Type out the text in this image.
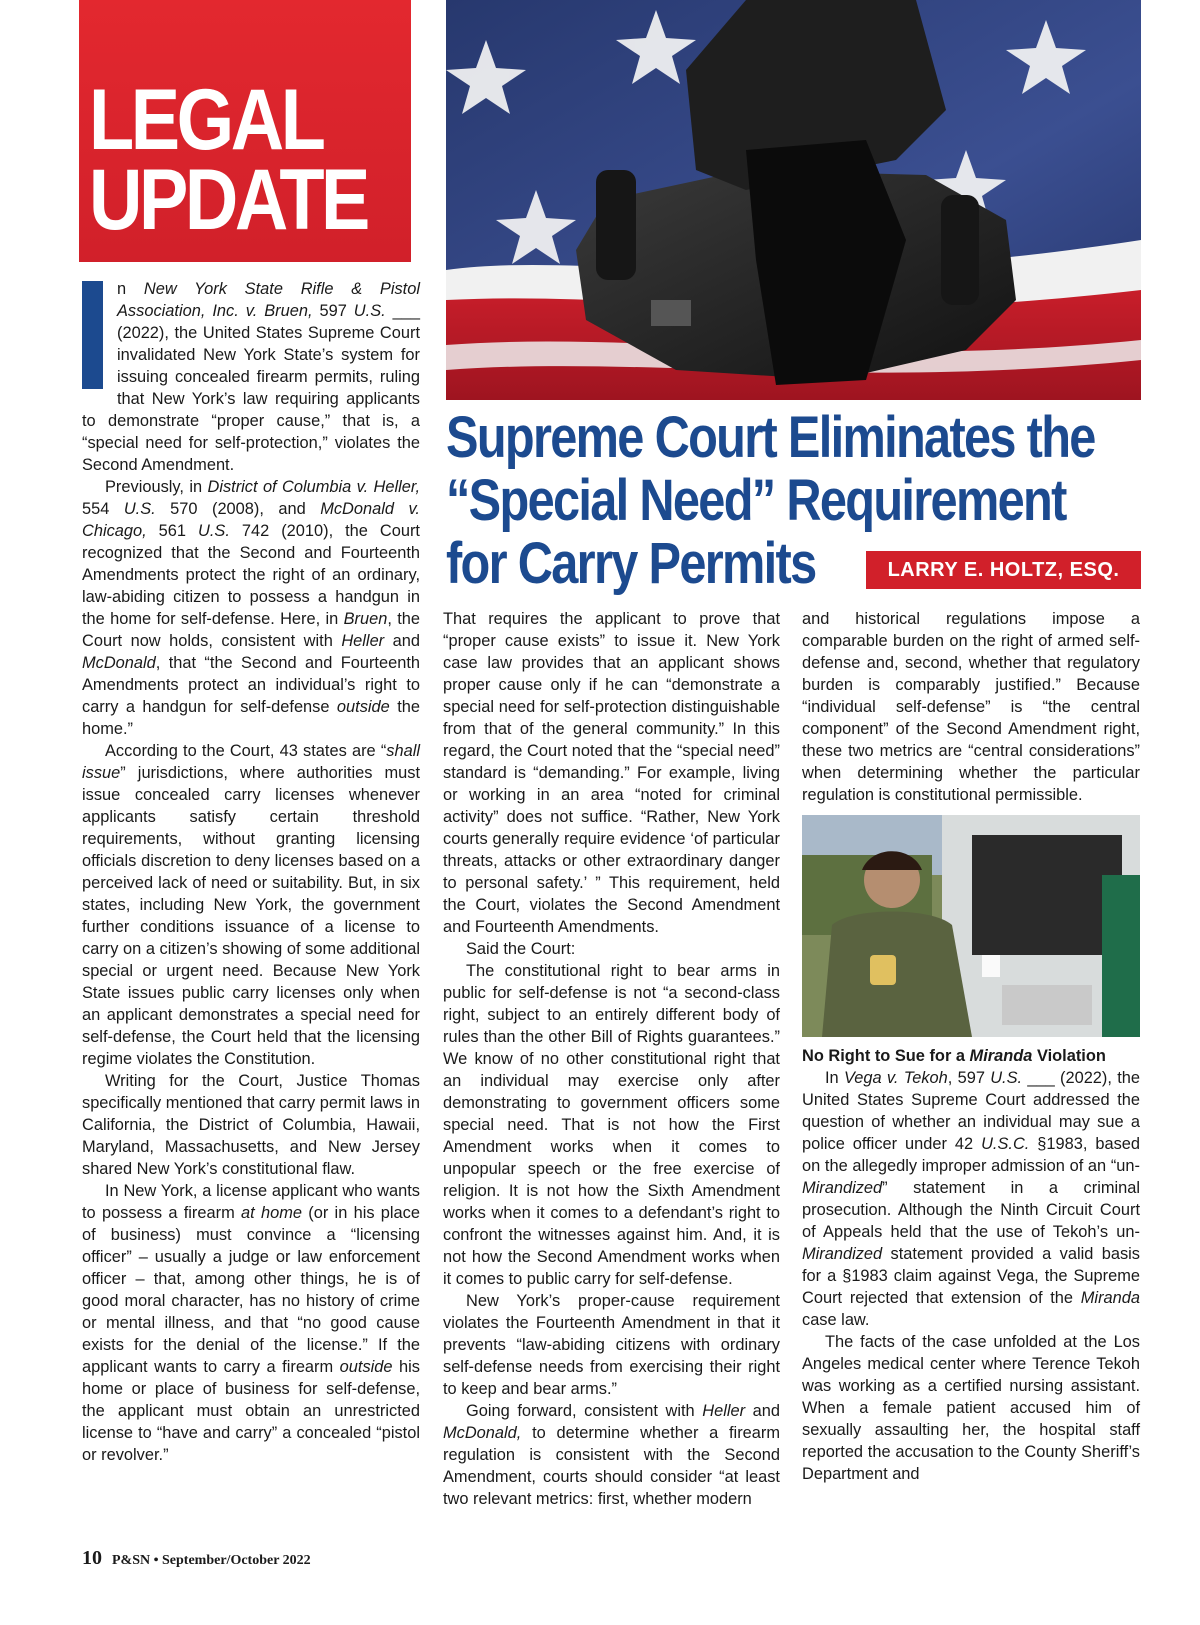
LEGAL
UPDATE
Supreme Court Eliminates the
“Special Need” Requirement
for Carry Permits	LARRY E. HOLTZ, ESQ.

n New York State Rifle & Pistol Association, Inc. v. Bruen, 597 U.S. ___ (2022), the United States Supreme Court invalidated New York State’s system for issuing concealed firearm permits, ruling that New York’s law requiring applicants to demonstrate “proper cause,” that is, a “special need for self-protection,” violates the Second Amendment.

Previously, in District of Columbia v. Heller, 554 U.S. 570 (2008), and McDonald v. Chicago, 561 U.S. 742 (2010), the Court recognized that the Second and Fourteenth Amendments protect the right of an ordinary, law-abiding citizen to possess a handgun in the home for self-defense. Here, in Bruen, the Court now holds, consistent with Heller and McDonald, that “the Second and Fourteenth Amendments protect an individual’s right to carry a handgun for self-defense outside the home.”

According to the Court, 43 states are “shall issue” jurisdictions, where authorities must issue concealed carry licenses whenever applicants satisfy certain threshold requirements, without granting licensing officials discretion to deny licenses based on a perceived lack of need or suitability. But, in six states, including New York, the government further conditions issuance of a license to carry on a citizen’s showing of some additional special or urgent need. Because New York State issues public carry licenses only when an applicant demonstrates a special need for self-defense, the Court held that the licensing regime violates the Constitution.

Writing for the Court, Justice Thomas specifically mentioned that carry permit laws in California, the District of Columbia, Hawaii, Maryland, Massachusetts, and New Jersey shared New York’s constitutional flaw.

In New York, a license applicant who wants to possess a firearm at home (or in his place of business) must convince a “licensing officer” – usually a judge or law enforcement officer – that, among other things, he is of good moral character, has no history of crime or mental illness, and that “no good cause exists for the denial of the license.” If the applicant wants to carry a firearm outside his home or place of business for self-defense, the applicant must obtain an unrestricted license to “have and carry” a concealed “pistol or revolver.”

That requires the applicant to prove that “proper cause exists” to issue it. New York case law provides that an applicant shows proper cause only if he can “demonstrate a special need for self-protection distinguishable from that of the general community.” In this regard, the Court noted that the “special need” standard is “demanding.” For example, living or working in an area “noted for criminal activity” does not suffice. “Rather, New York courts generally require evidence ‘of particular threats, attacks or other extraordinary danger to personal safety.’ ” This requirement, held the Court, violates the Second Amendment and Fourteenth Amendments.

Said the Court:

The constitutional right to bear arms in public for self-defense is not “a second-class right, subject to an entirely different body of rules than the other Bill of Rights guarantees.” We know of no other constitutional right that an individual may exercise only after demonstrating to government officers some special need. That is not how the First Amendment works when it comes to unpopular speech or the free exercise of religion. It is not how the Sixth Amendment works when it comes to a defendant’s right to confront the witnesses against him. And, it is not how the Second Amendment works when it comes to public carry for self-defense.

New York’s proper-cause requirement violates the Fourteenth Amendment in that it prevents “law-abiding citizens with ordinary self-defense needs from exercising their right to keep and bear arms.”

Going forward, consistent with Heller and McDonald, to determine whether a firearm regulation is consistent with the Second Amendment, courts should consider “at least two relevant metrics: first, whether modern

and historical regulations impose a comparable burden on the right of armed self-defense and, second, whether that regulatory burden is comparably justified.” Because “individual self-defense” is “the central component” of the Second Amendment right, these two metrics are “central considerations” when determining whether the particular regulation is constitutional permissible.

No Right to Sue for a Miranda Violation

In Vega v. Tekoh, 597 U.S. ___ (2022), the United States Supreme Court addressed the question of whether an individual may sue a police officer under 42 U.S.C. §1983, based on the allegedly improper admission of an “un-Mirandized” statement in a criminal prosecution. Although the Ninth Circuit Court of Appeals held that the use of Tekoh’s un-Mirandized statement provided a valid basis for a §1983 claim against Vega, the Supreme Court rejected that extension of the Miranda case law.

The facts of the case unfolded at the Los Angeles medical center where Terence Tekoh was working as a certified nursing assistant. When a female patient accused him of sexually assaulting her, the hospital staff reported the accusation to the County Sheriff’s Department and

10 P&SN • September/October 2022
